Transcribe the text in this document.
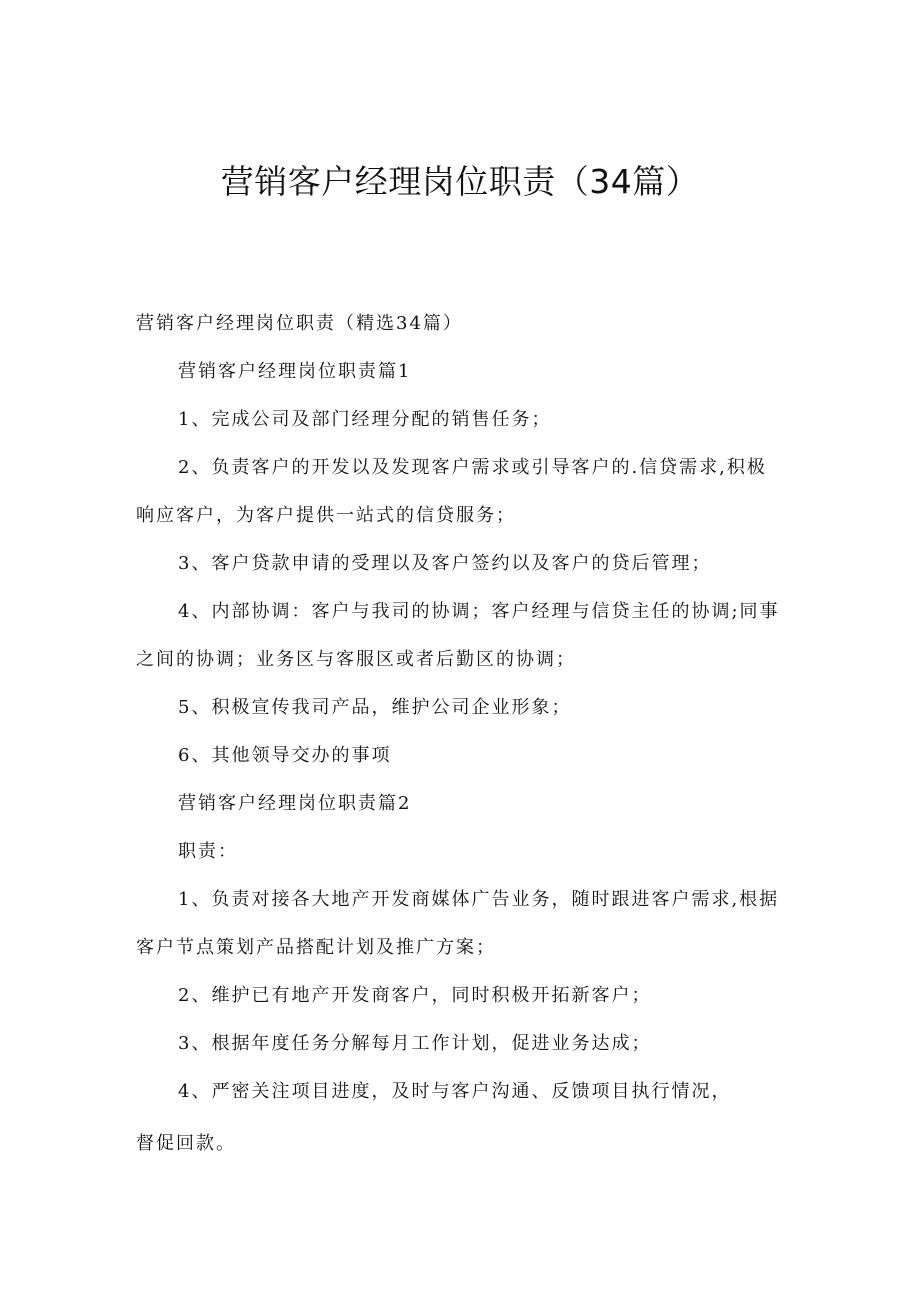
营销客户经理岗位职责（34篇）

营销客户经理岗位职责（精选34篇）

营销客户经理岗位职责篇1

1、完成公司及部门经理分配的销售任务；

2、负责客户的开发以及发现客户需求或引导客户的.信贷需求,积极

响应客户，为客户提供一站式的信贷服务；

3、客户贷款申请的受理以及客户签约以及客户的贷后管理；

4、内部协调：客户与我司的协调；客户经理与信贷主任的协调;同事

之间的协调；业务区与客服区或者后勤区的协调；

5、积极宣传我司产品，维护公司企业形象；

6、其他领导交办的事项

营销客户经理岗位职责篇2

职责：

1、负责对接各大地产开发商媒体广告业务，随时跟进客户需求,根据

客户节点策划产品搭配计划及推广方案；

2、维护已有地产开发商客户，同时积极开拓新客户；

3、根据年度任务分解每月工作计划，促进业务达成；

4、严密关注项目进度，及时与客户沟通、反馈项目执行情况，

督促回款。
